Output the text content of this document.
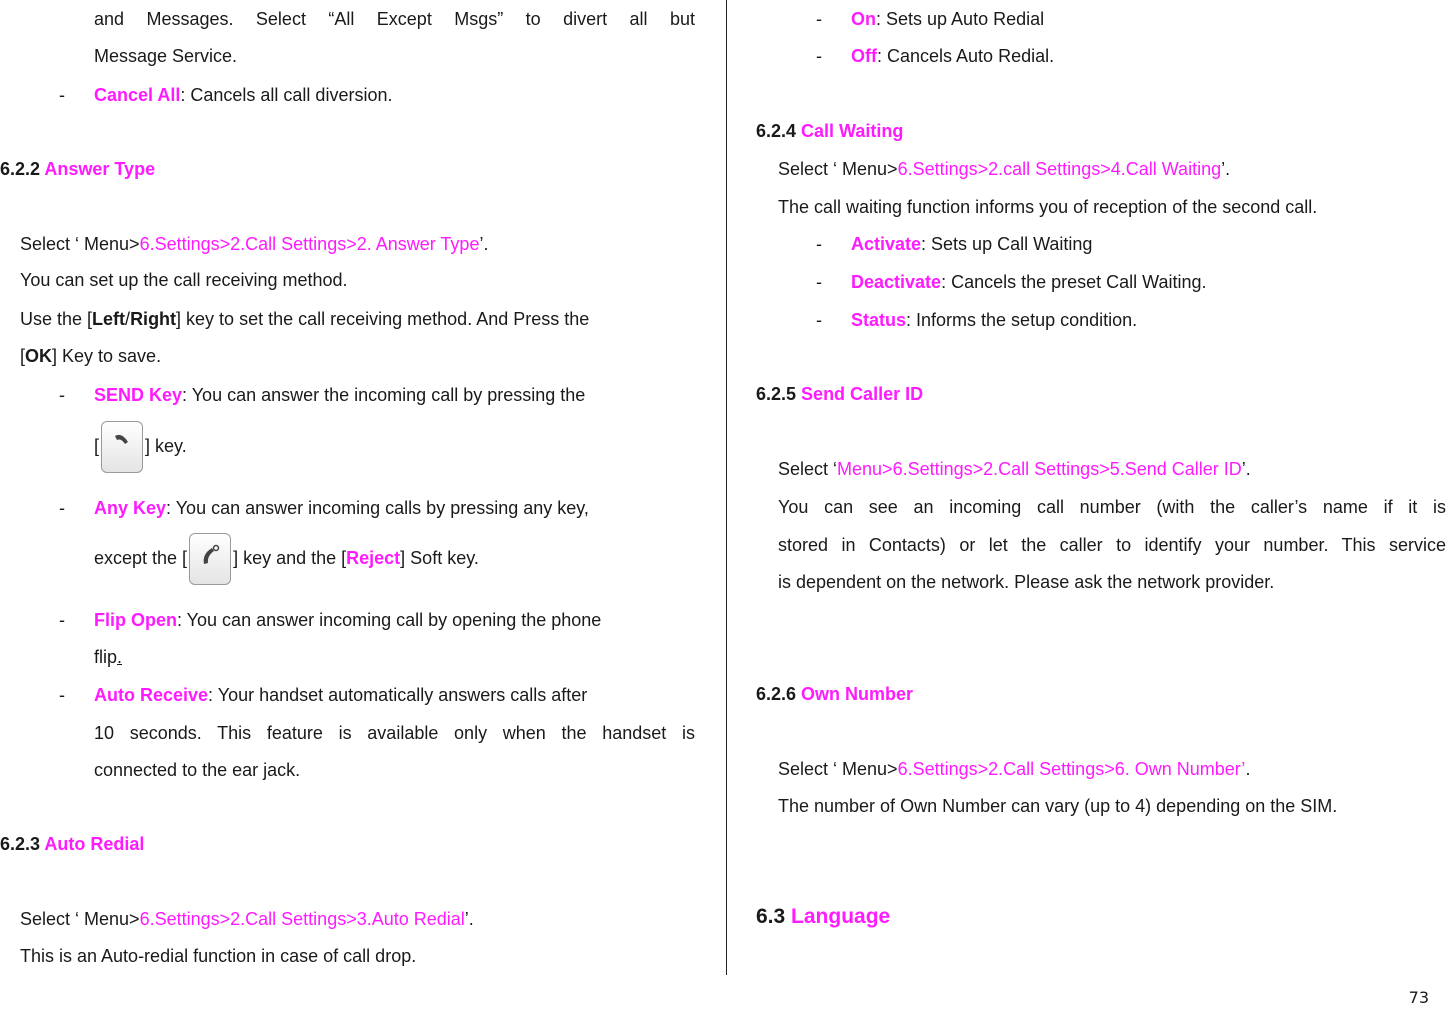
and Messages. Select “All Except Msgs” to divert all but
Message Service.
- Cancel All: Cancels all call diversion.
6.2.2 Answer Type
Select ‘ Menu>6.Settings>2.Call Settings>2. Answer Type’.
You can set up the call receiving method.
Use the [Left/Right] key to set the call receiving method. And Press the
[OK] Key to save.
- SEND Key: You can answer the incoming call by pressing the
[	] key.
- Any Key: You can answer incoming calls by pressing any key,
except the [	] key and the [Reject] Soft key.
- Flip Open: You can answer incoming call by opening the phone
flip.
- Auto Receive: Your handset automatically answers calls after
10 seconds. This feature is available only when the handset is
connected to the ear jack.
6.2.3 Auto Redial
Select ‘ Menu>6.Settings>2.Call Settings>3.Auto Redial’.
This is an Auto-redial function in case of call drop.
- On: Sets up Auto Redial
- Off: Cancels Auto Redial.
6.2.4 Call Waiting
Select ‘ Menu>6.Settings>2.call Settings>4.Call Waiting’.
The call waiting function informs you of reception of the second call.
- Activate: Sets up Call Waiting
- Deactivate: Cancels the preset Call Waiting.
- Status: Informs the setup condition.
6.2.5 Send Caller ID
Select ‘Menu>6.Settings>2.Call Settings>5.Send Caller ID’.
You can see an incoming call number (with the caller’s name if it is
stored in Contacts) or let the caller to identify your number. This service
is dependent on the network. Please ask the network provider.
6.2.6 Own Number
Select ‘ Menu>6.Settings>2.Call Settings>6. Own Number’.
The number of Own Number can vary (up to 4) depending on the SIM.
6.3 Language
73
